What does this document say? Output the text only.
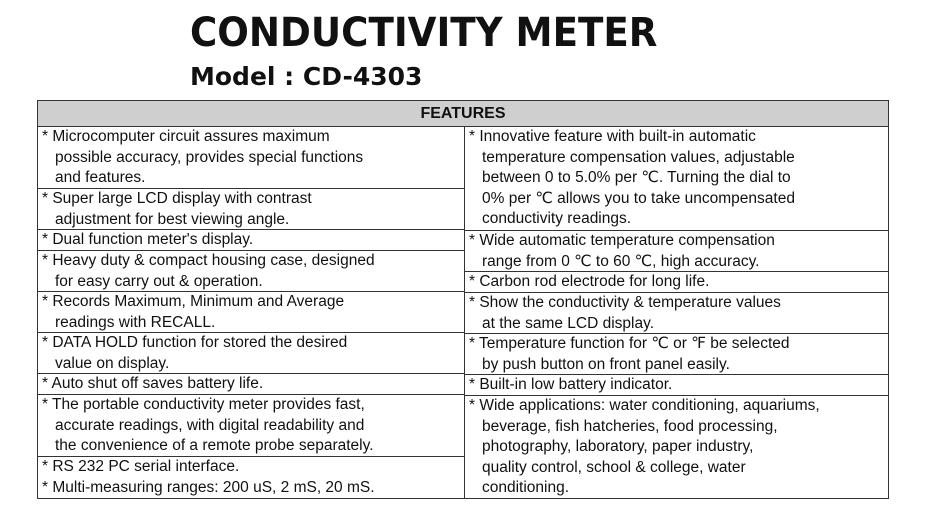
CONDUCTIVITY METER
Model : CD-4303
FEATURES
* Microcomputer circuit assures maximum
possible accuracy, provides special functions
and features.
* Super large LCD display with contrast
adjustment for best viewing angle.
* Dual function meter's display.
* Heavy duty & compact housing case, designed
for easy carry out & operation.
* Records Maximum, Minimum and Average
readings with RECALL.
* DATA HOLD function for stored the desired
value on display.
* Auto shut off saves battery life.
* The portable conductivity meter provides fast,
accurate readings, with digital readability and
the convenience of a remote probe separately.
* RS 232 PC serial interface.
* Multi-measuring ranges: 200 uS, 2 mS, 20 mS.
* Innovative feature with built-in automatic
temperature compensation values, adjustable
between 0 to 5.0% per ℃. Turning the dial to
0% per ℃ allows you to take uncompensated
conductivity readings.
* Wide automatic temperature compensation
range from 0 ℃ to 60 ℃, high accuracy.
* Carbon rod electrode for long life.
* Show the conductivity & temperature values
at the same LCD display.
* Temperature function for ℃ or ℉ be selected
by push button on front panel easily.
* Built-in low battery indicator.
* Wide applications: water conditioning, aquariums,
beverage, fish hatcheries, food processing,
photography, laboratory, paper industry,
quality control, school & college, water
conditioning.
